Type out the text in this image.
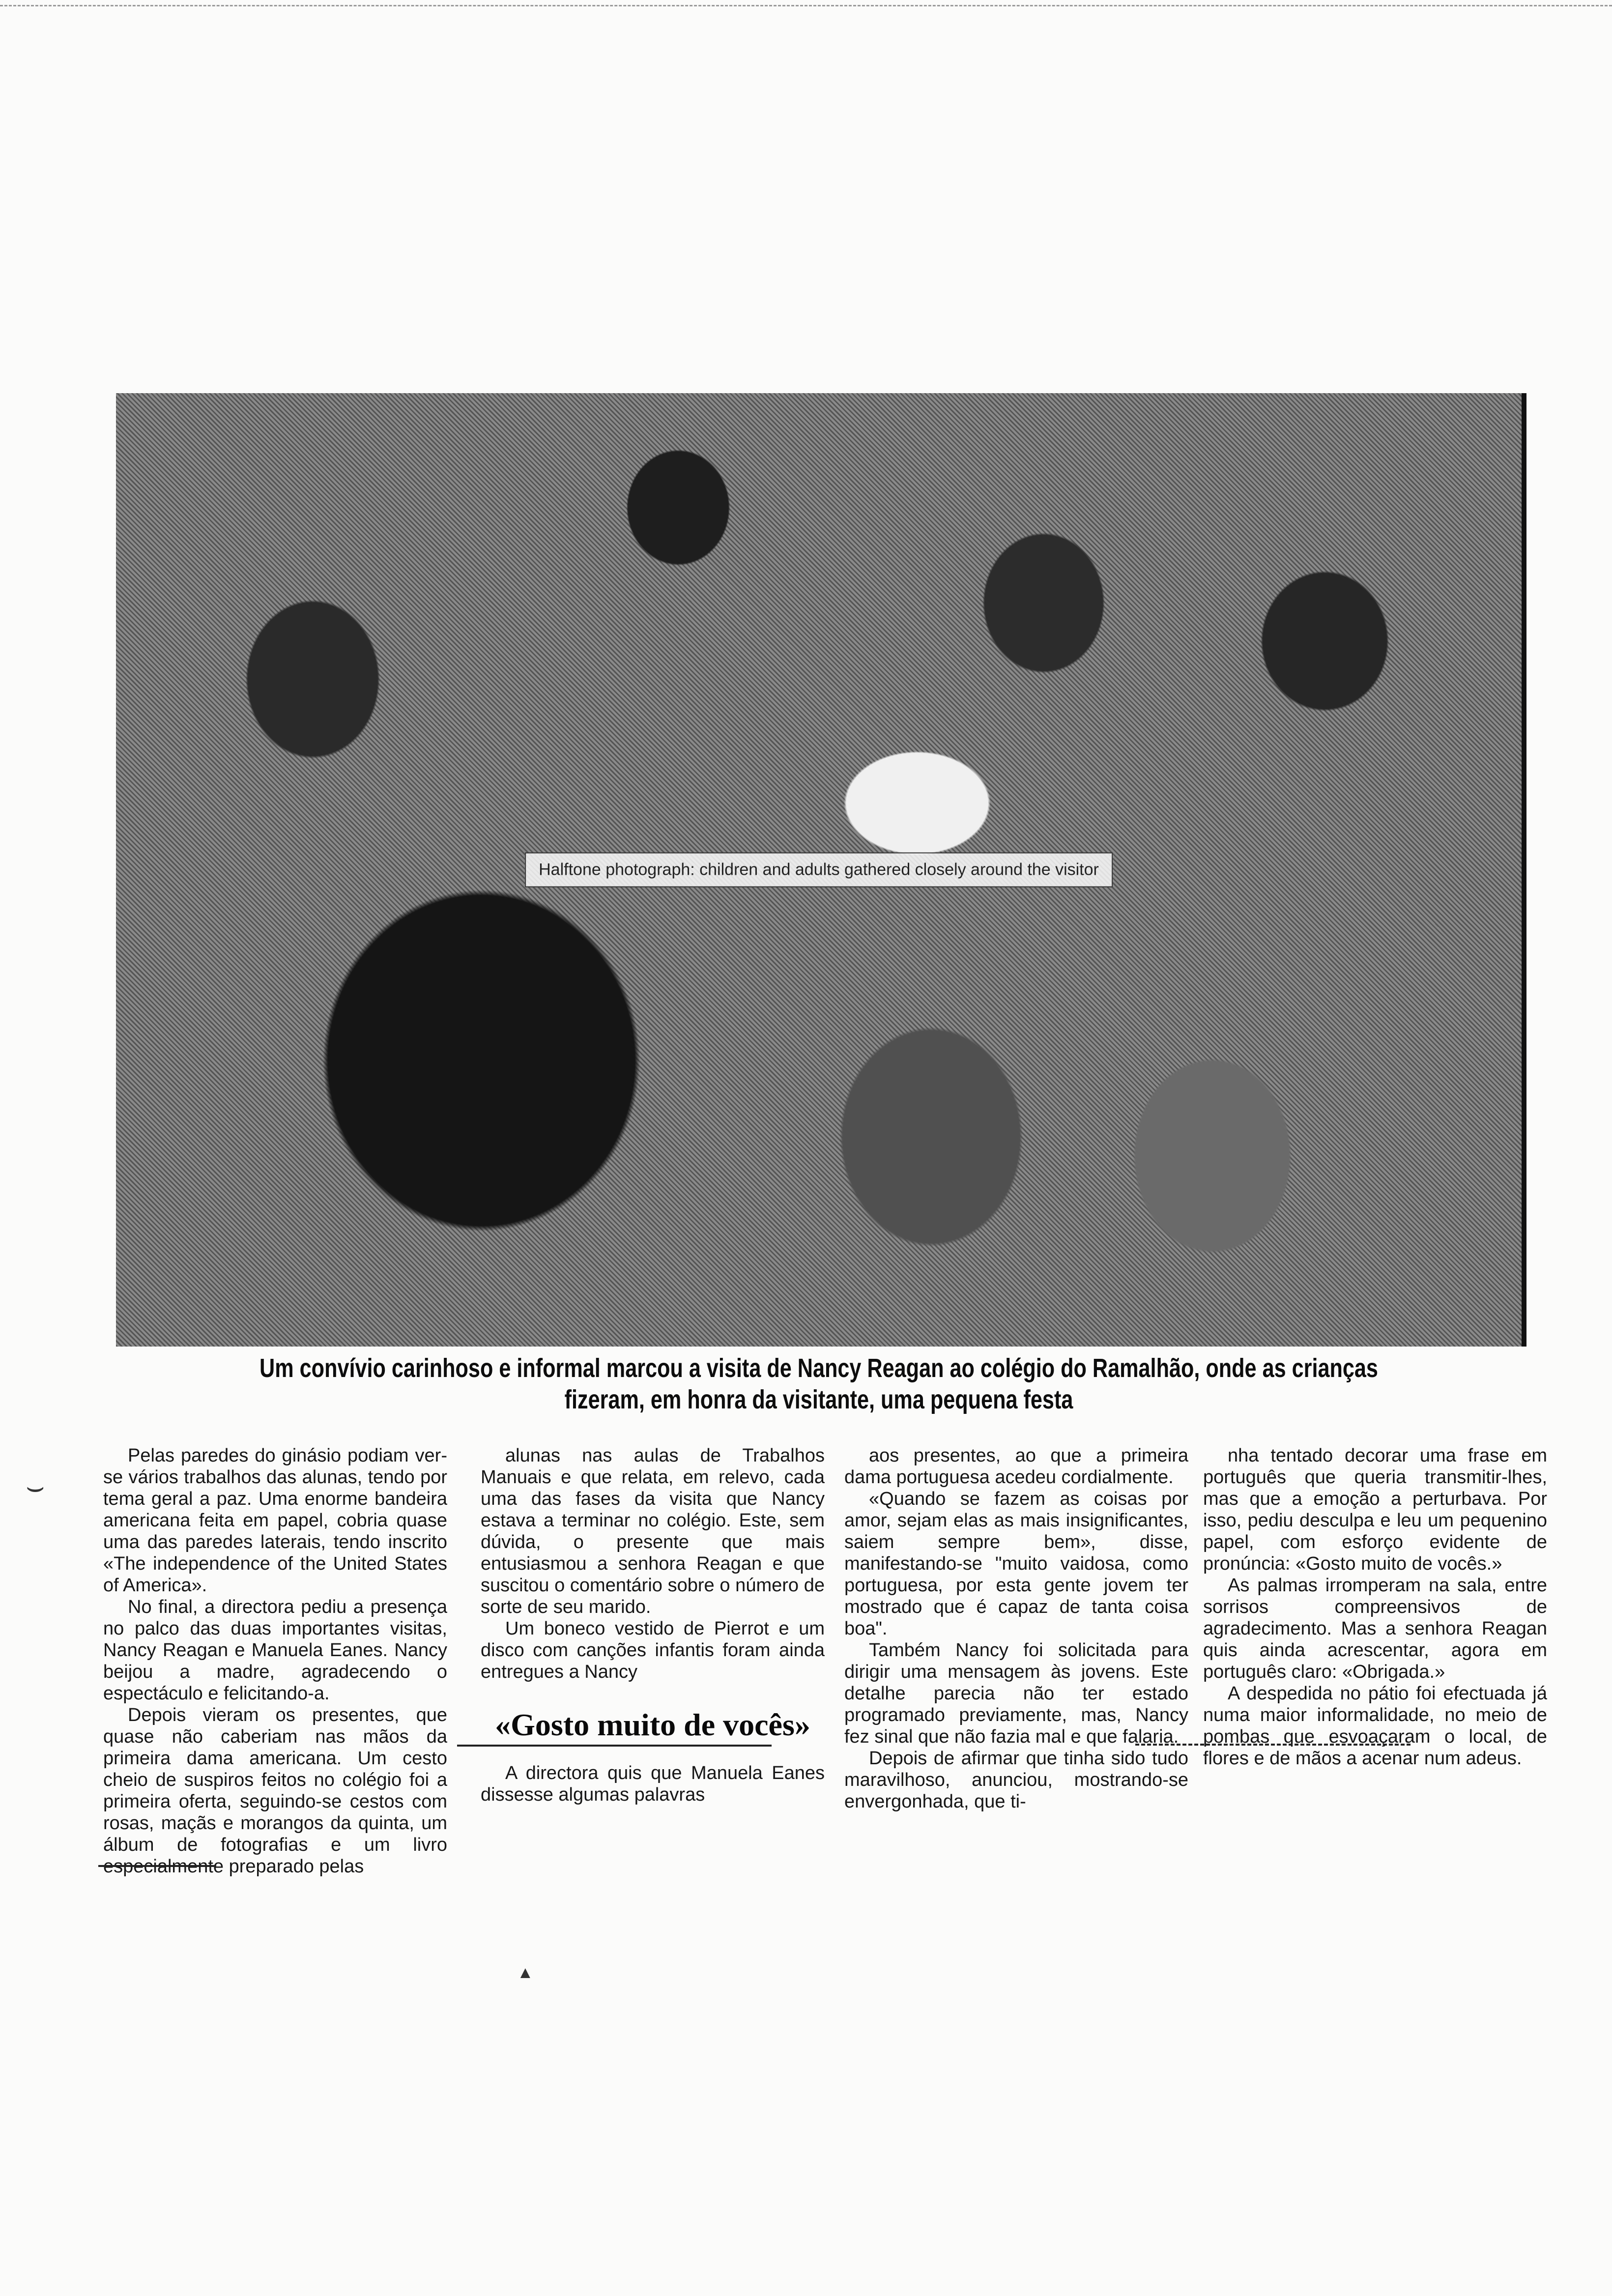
Halftone photograph: children and adults gathered closely around the visitor
Um convívio carinhoso e informal marcou a visita de Nancy Reagan ao colégio do Ramalhão, onde as crianças fizeram, em honra da visitante, uma pequena festa

Pelas paredes do ginásio podiam ver-se vários trabalhos das alunas, tendo por tema geral a paz. Uma enorme bandeira americana feita em papel, cobria quase uma das paredes laterais, tendo inscrito «The independence of the United States of America».

No final, a directora pediu a presença no palco das duas importantes visitas, Nancy Reagan e Manuela Eanes. Nancy beijou a madre, agradecendo o espectáculo e felicitando-a.

Depois vieram os presentes, que quase não caberiam nas mãos da primeira dama americana. Um cesto cheio de suspiros feitos no colégio foi a primeira oferta, seguindo-se cestos com rosas, maçãs e morangos da quinta, um álbum de fotografias e um livro especialmente preparado pelas

alunas nas aulas de Trabalhos Manuais e que relata, em relevo, cada uma das fases da visita que Nancy estava a terminar no colégio. Este, sem dúvida, o presente que mais entusiasmou a senhora Reagan e que suscitou o comentário sobre o número de sorte de seu marido.

Um boneco vestido de Pierrot e um disco com canções infantis foram ainda entregues a Nancy

«Gosto muito de vocês»

A directora quis que Manuela Eanes dissesse algumas palavras

aos presentes, ao que a primeira dama portuguesa acedeu cordialmente.

«Quando se fazem as coisas por amor, sejam elas as mais insignificantes, saiem sempre bem», disse, manifestando-se "muito vaidosa, como portuguesa, por esta gente jovem ter mostrado que é capaz de tanta coisa boa".

Também Nancy foi solicitada para dirigir uma mensagem às jovens. Este detalhe parecia não ter estado programado previamente, mas, Nancy fez sinal que não fazia mal e que falaria.

Depois de afirmar que tinha sido tudo maravilhoso, anunciou, mostrando-se envergonhada, que ti-

nha tentado decorar uma frase em português que queria transmitir-lhes, mas que a emoção a perturbava. Por isso, pediu desculpa e leu um pequenino papel, com esforço evidente de pronúncia: «Gosto muito de vocês.»

As palmas irromperam na sala, entre sorrisos compreensivos de agradecimento. Mas a senhora Reagan quis ainda acrescentar, agora em português claro: «Obrigada.»

A despedida no pátio foi efectuada já numa maior informalidade, no meio de pombas que esvoaçaram o local, de flores e de mãos a acenar num adeus.

⌣
▲
